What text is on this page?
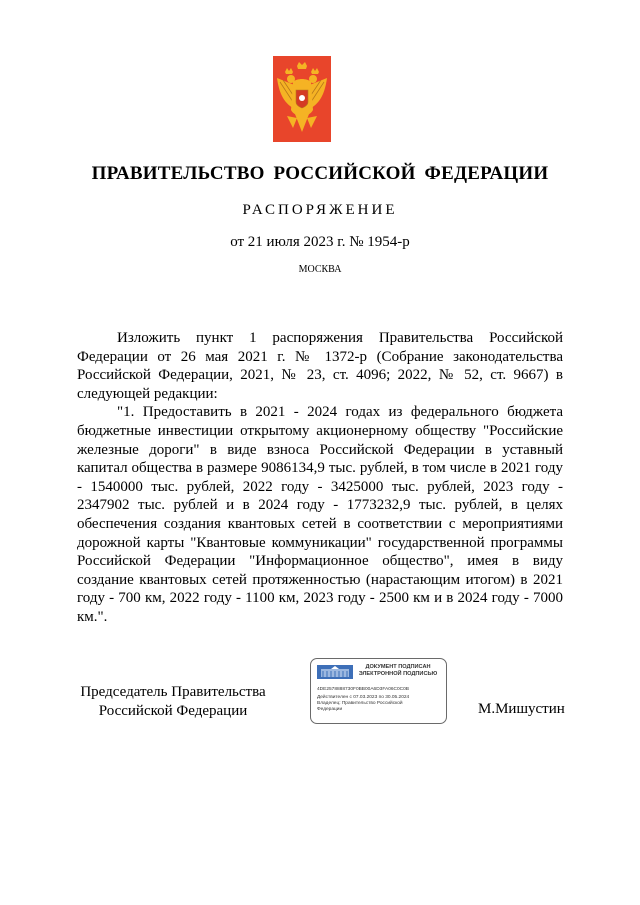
ПРАВИТЕЛЬСТВО РОССИЙСКОЙ ФЕДЕРАЦИИ
РАСПОРЯЖЕНИЕ
от 21 июля 2023 г. № 1954-р
МОСКВА

Изложить пункт 1 распоряжения Правительства Российской Федерации от 26 мая 2021 г. № 1372-р (Собрание законодательства Российской Федерации, 2021, № 23, ст. 4096; 2022, № 52, ст. 9667) в следующей редакции:

"1. Предоставить в 2021 - 2024 годах из федерального бюджета бюджетные инвестиции открытому акционерному обществу "Российские железные дороги" в виде взноса Российской Федерации в уставный капитал общества в размере 9086134,9 тыс. рублей, в том числе в 2021 году - 1540000 тыс. рублей, 2022 году - 3425000 тыс. рублей, 2023 году - 2347902 тыс. рублей и в 2024 году - 1773232,9 тыс. рублей, в целях обеспечения создания квантовых сетей в соответствии с мероприятиями дорожной карты "Квантовые коммуникации" государственной программы Российской Федерации "Информационное общество", имея в виду создание квантовых сетей протяженностью (нарастающим итогом) в 2021 году - 700 км, 2022 году - 1100 км, 2023 году - 2500 км и в 2024 году - 7000 км.".

Председатель Правительства
Российской Федерации
ДОКУМЕНТ ПОДПИСАН
ЭЛЕКТРОННОЙ ПОДПИСЬЮ
4DE2578888730F0BB00A6D3FA06C0C0B
Действителен с 07.03.2023 по 30.05.2024
Владелец: Правительство Российской
Федерации	М.Мишустин
